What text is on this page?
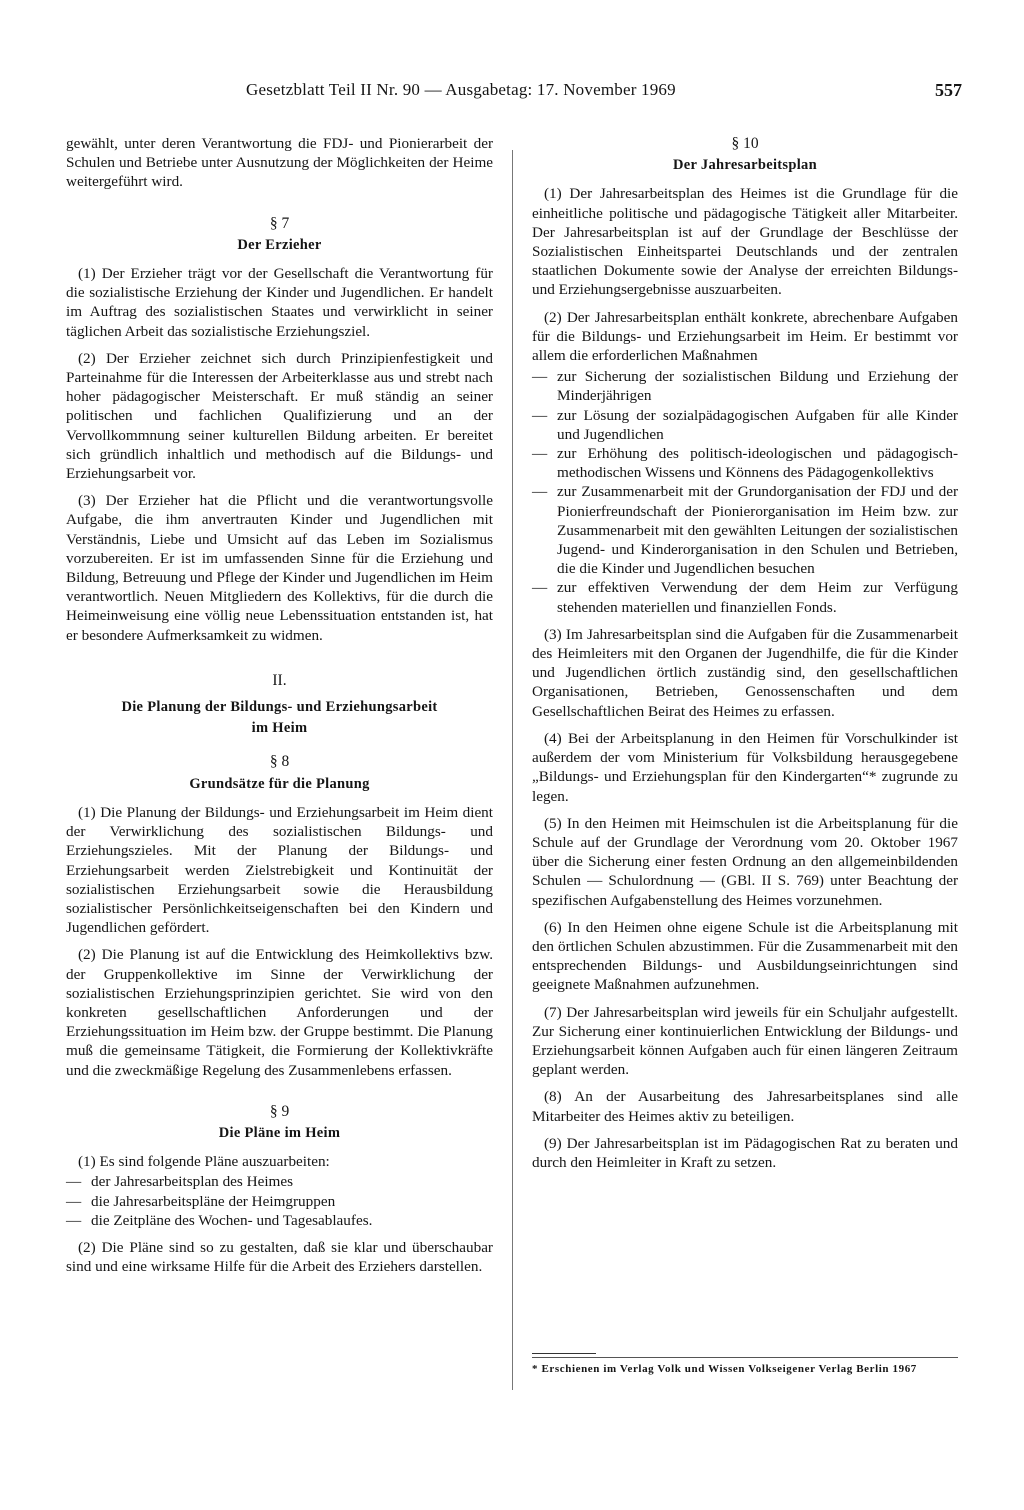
Gesetzblatt Teil II Nr. 90 — Ausgabetag: 17. November 1969	557

gewählt, unter deren Verantwortung die FDJ- und Pionierarbeit der Schulen und Betriebe unter Ausnutzung der Möglichkeiten der Heime weitergeführt wird.

§ 7

Der Erzieher

(1) Der Erzieher trägt vor der Gesellschaft die Verantwortung für die sozialistische Erziehung der Kinder und Jugendlichen. Er handelt im Auftrag des sozialistischen Staates und verwirklicht in seiner täglichen Arbeit das sozialistische Erziehungsziel.

(2) Der Erzieher zeichnet sich durch Prinzipienfestigkeit und Parteinahme für die Interessen der Arbeiterklasse aus und strebt nach hoher pädagogischer Meisterschaft. Er muß ständig an seiner politischen und fachlichen Qualifizierung und an der Vervollkommnung seiner kulturellen Bildung arbeiten. Er bereitet sich gründlich inhaltlich und methodisch auf die Bildungs- und Erziehungsarbeit vor.

(3) Der Erzieher hat die Pflicht und die verantwortungsvolle Aufgabe, die ihm anvertrauten Kinder und Jugendlichen mit Verständnis, Liebe und Umsicht auf das Leben im Sozialismus vorzubereiten. Er ist im umfassenden Sinne für die Erziehung und Bildung, Betreuung und Pflege der Kinder und Jugendlichen im Heim verantwortlich. Neuen Mitgliedern des Kollektivs, für die durch die Heimeinweisung eine völlig neue Lebenssituation entstanden ist, hat er besondere Aufmerksamkeit zu widmen.

II.

Die Planung der Bildungs- und Erziehungsarbeit

im Heim

§ 8

Grundsätze für die Planung

(1) Die Planung der Bildungs- und Erziehungsarbeit im Heim dient der Verwirklichung des sozialistischen Bildungs- und Erziehungszieles. Mit der Planung der Bildungs- und Erziehungsarbeit werden Zielstrebigkeit und Kontinuität der sozialistischen Erziehungsarbeit sowie die Herausbildung sozialistischer Persönlichkeitseigenschaften bei den Kindern und Jugendlichen gefördert.

(2) Die Planung ist auf die Entwicklung des Heimkollektivs bzw. der Gruppenkollektive im Sinne der Verwirklichung der sozialistischen Erziehungsprinzipien gerichtet. Sie wird von den konkreten gesellschaftlichen Anforderungen und der Erziehungssituation im Heim bzw. der Gruppe bestimmt. Die Planung muß die gemeinsame Tätigkeit, die Formierung der Kollektivkräfte und die zweckmäßige Regelung des Zusammenlebens erfassen.

§ 9

Die Pläne im Heim

(1) Es sind folgende Pläne auszuarbeiten:

— der Jahresarbeitsplan des Heimes
— die Jahresarbeitspläne der Heimgruppen
— die Zeitpläne des Wochen- und Tagesablaufes.

(2) Die Pläne sind so zu gestalten, daß sie klar und überschaubar sind und eine wirksame Hilfe für die Arbeit des Erziehers darstellen.

§ 10

Der Jahresarbeitsplan

(1) Der Jahresarbeitsplan des Heimes ist die Grundlage für die einheitliche politische und pädagogische Tätigkeit aller Mitarbeiter. Der Jahresarbeitsplan ist auf der Grundlage der Beschlüsse der Sozialistischen Einheitspartei Deutschlands und der zentralen staatlichen Dokumente sowie der Analyse der erreichten Bildungs- und Erziehungsergebnisse auszuarbeiten.

(2) Der Jahresarbeitsplan enthält konkrete, abrechenbare Aufgaben für die Bildungs- und Erziehungsarbeit im Heim. Er bestimmt vor allem die erforderlichen Maßnahmen

— zur Sicherung der sozialistischen Bildung und Erziehung der Minderjährigen
— zur Lösung der sozialpädagogischen Aufgaben für alle Kinder und Jugendlichen
— zur Erhöhung des politisch-ideologischen und pädagogisch-methodischen Wissens und Könnens des Pädagogenkollektivs
— zur Zusammenarbeit mit der Grundorganisation der FDJ und der Pionierfreundschaft der Pionierorganisation im Heim bzw. zur Zusammenarbeit mit den gewählten Leitungen der sozialistischen Jugend- und Kinderorganisation in den Schulen und Betrieben, die die Kinder und Jugendlichen besuchen
— zur effektiven Verwendung der dem Heim zur Verfügung stehenden materiellen und finanziellen Fonds.

(3) Im Jahresarbeitsplan sind die Aufgaben für die Zusammenarbeit des Heimleiters mit den Organen der Jugendhilfe, die für die Kinder und Jugendlichen örtlich zuständig sind, den gesellschaftlichen Organisationen, Betrieben, Genossenschaften und dem Gesellschaftlichen Beirat des Heimes zu erfassen.

(4) Bei der Arbeitsplanung in den Heimen für Vorschulkinder ist außerdem der vom Ministerium für Volksbildung herausgegebene „Bildungs- und Erziehungsplan für den Kindergarten“* zugrunde zu legen.

(5) In den Heimen mit Heimschulen ist die Arbeitsplanung für die Schule auf der Grundlage der Verordnung vom 20. Oktober 1967 über die Sicherung einer festen Ordnung an den allgemeinbildenden Schulen — Schulordnung — (GBl. II S. 769) unter Beachtung der spezifischen Aufgabenstellung des Heimes vorzunehmen.

(6) In den Heimen ohne eigene Schule ist die Arbeitsplanung mit den örtlichen Schulen abzustimmen. Für die Zusammenarbeit mit den entsprechenden Bildungs- und Ausbildungseinrichtungen sind geeignete Maßnahmen aufzunehmen.

(7) Der Jahresarbeitsplan wird jeweils für ein Schuljahr aufgestellt. Zur Sicherung einer kontinuierlichen Entwicklung der Bildungs- und Erziehungsarbeit können Aufgaben auch für einen längeren Zeitraum geplant werden.

(8) An der Ausarbeitung des Jahresarbeitsplanes sind alle Mitarbeiter des Heimes aktiv zu beteiligen.

(9) Der Jahresarbeitsplan ist im Pädagogischen Rat zu beraten und durch den Heimleiter in Kraft zu setzen.

* Erschienen im Verlag Volk und Wissen Volkseigener Verlag Berlin 1967
